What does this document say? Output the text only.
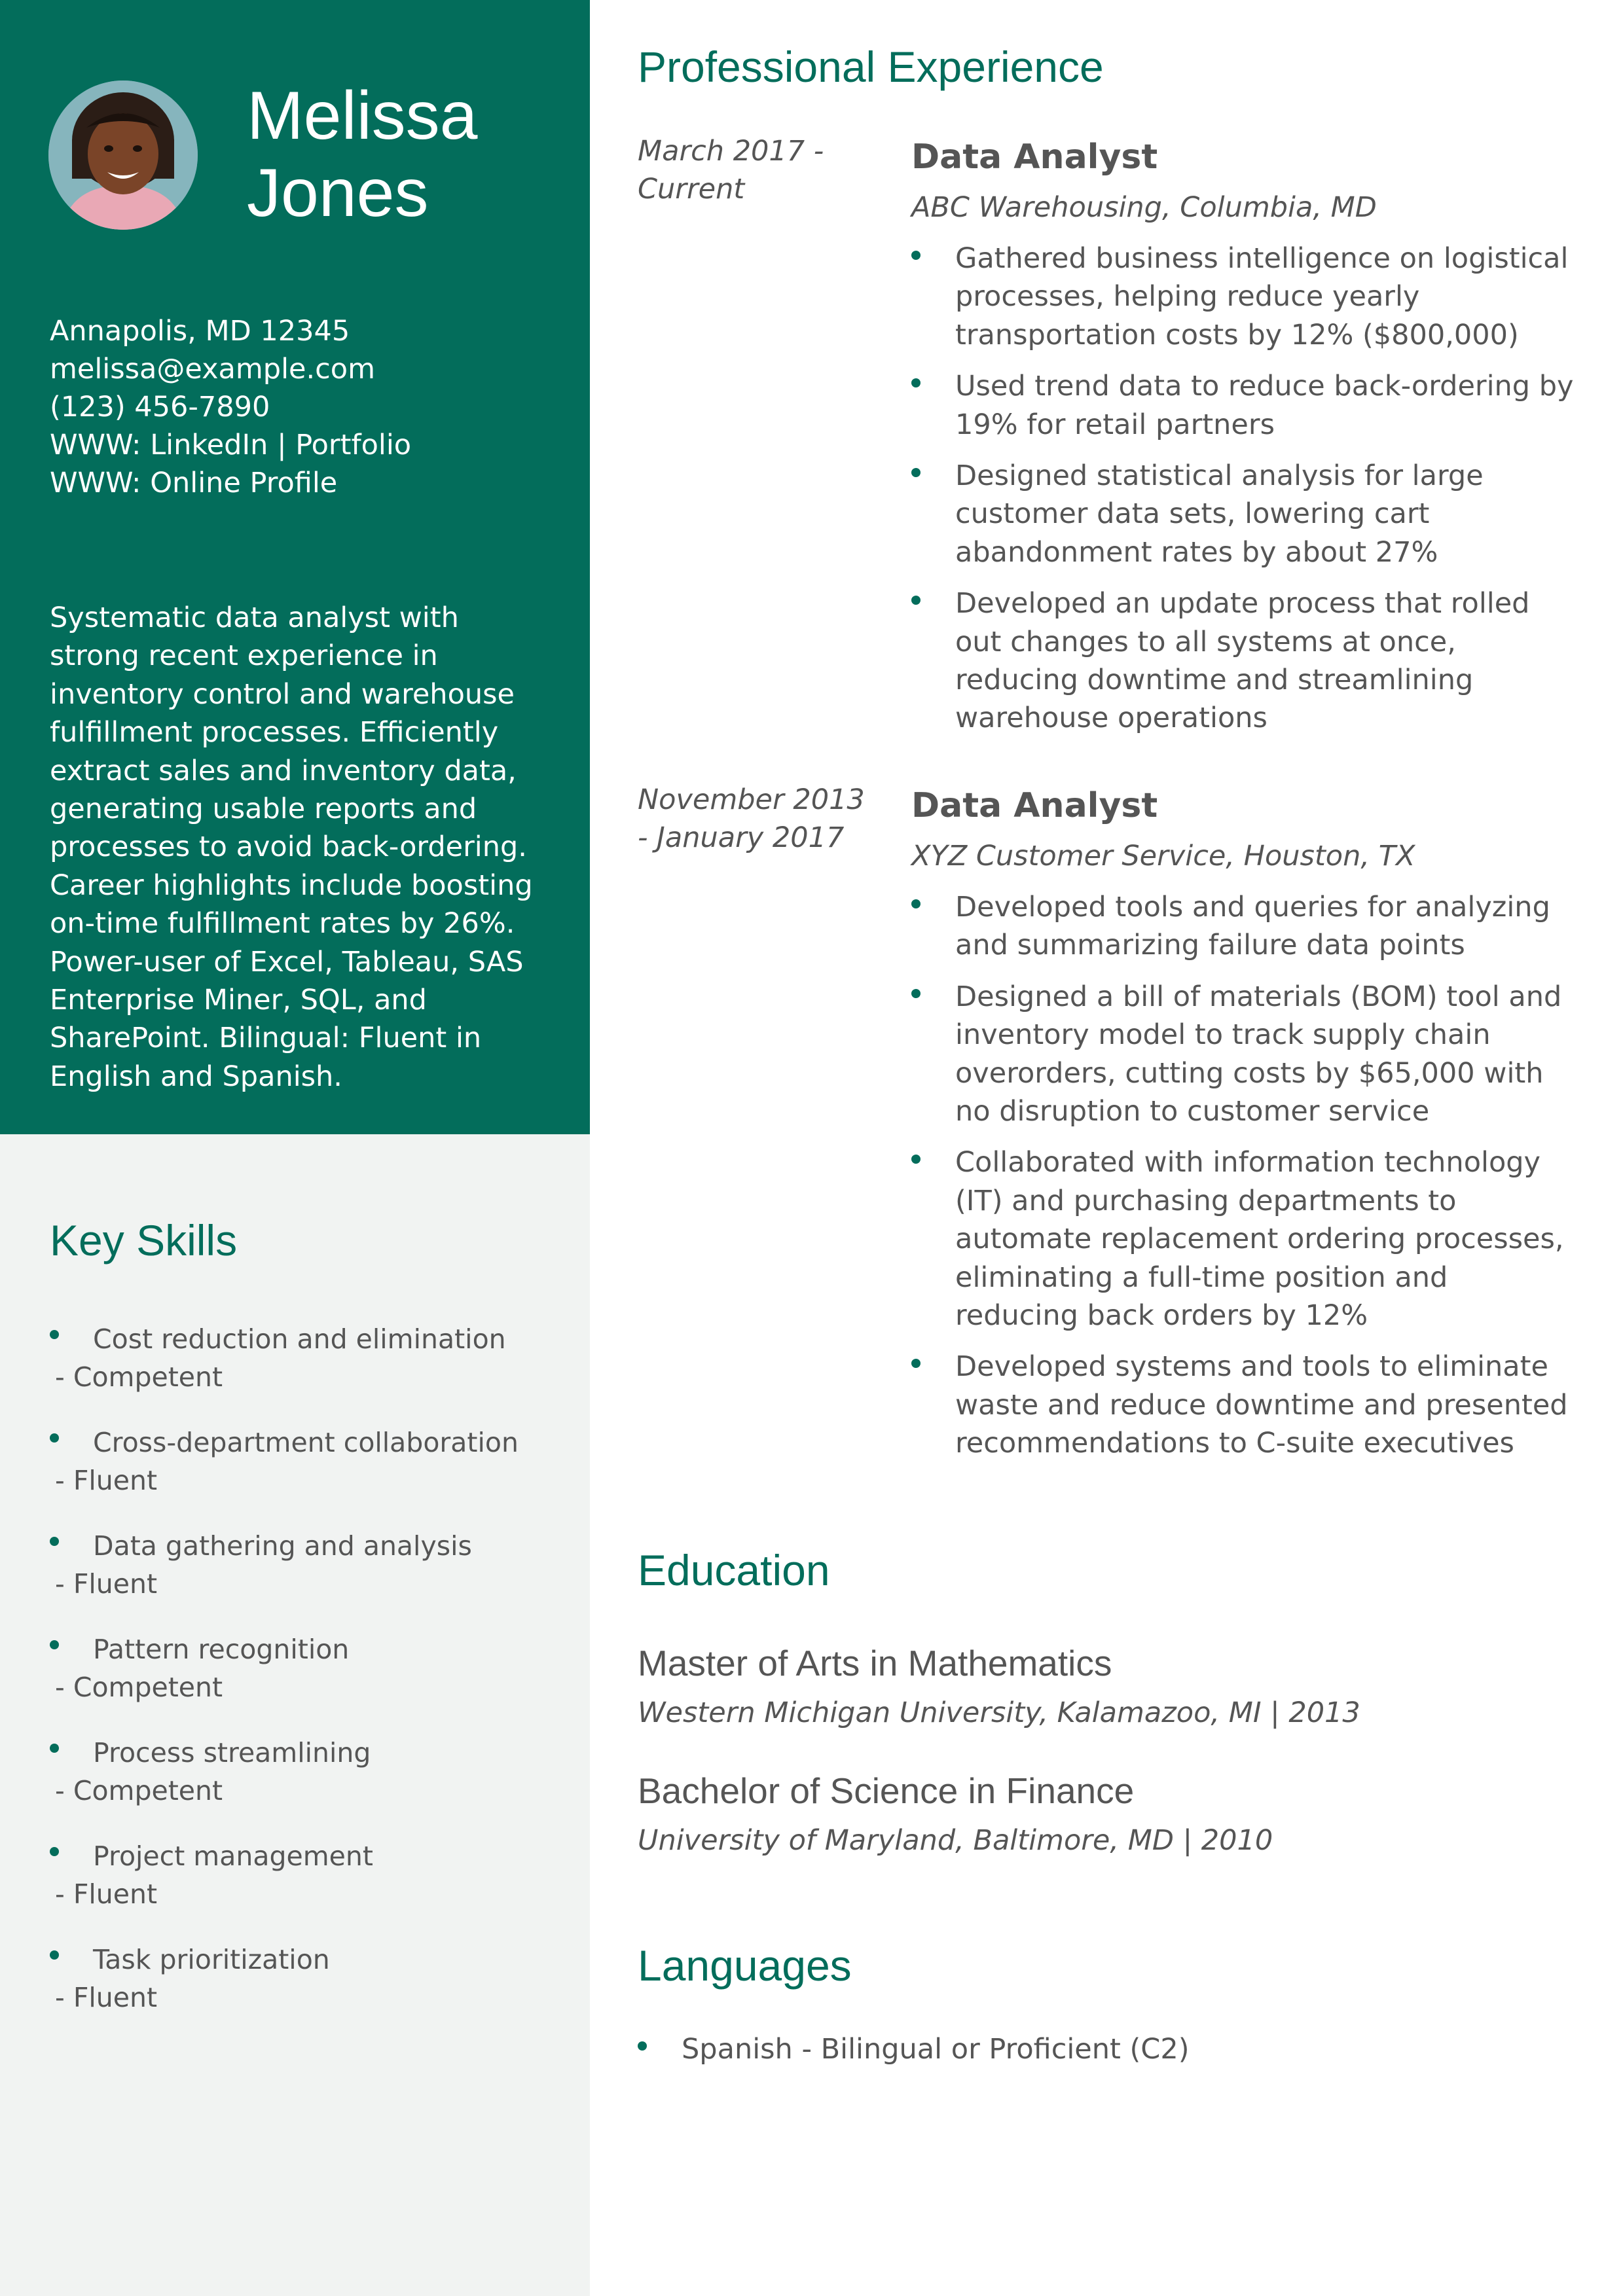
Melissa
Jones
Annapolis, MD 12345
melissa@example.com
(123) 456-7890
WWW: LinkedIn | Portfolio
WWW: Online Profile

Systematic data analyst with strong recent experience in inventory control and warehouse fulfillment processes. Efficiently extract sales and inventory data, generating usable reports and processes to avoid back-ordering. Career highlights include boosting on-time fulfillment rates by 26%. Power-user of Excel, Tableau, SAS Enterprise Miner, SQL, and SharePoint. Bilingual: Fluent in English and Spanish.

Key Skills
Cost reduction and elimination
- Competent
Cross-department collaboration
- Fluent
Data gathering and analysis
- Fluent
Pattern recognition
- Competent
Process streamlining
- Competent
Project management
- Fluent
Task prioritization
- Fluent
Professional Experience
March 2017 -
Current
Data Analyst
ABC Warehousing, Columbia, MD
Gathered business intelligence on logistical processes, helping reduce yearly transportation costs by 12% ($800,000)
Used trend data to reduce back-ordering by 19% for retail partners
Designed statistical analysis for large customer data sets, lowering cart abandonment rates by about 27%
Developed an update process that rolled out changes to all systems at once, reducing downtime and streamlining warehouse operations
November 2013
- January 2017
Data Analyst
XYZ Customer Service, Houston, TX
Developed tools and queries for analyzing and summarizing failure data points
Designed a bill of materials (BOM) tool and inventory model to track supply chain overorders, cutting costs by $65,000 with no disruption to customer service
Collaborated with information technology (IT) and purchasing departments to automate replacement ordering processes, eliminating a full-time position and reducing back orders by 12%
Developed systems and tools to eliminate waste and reduce downtime and presented recommendations to C-suite executives
Education
Master of Arts in Mathematics
Western Michigan University, Kalamazoo, MI | 2013
Bachelor of Science in Finance
University of Maryland, Baltimore, MD | 2010
Languages
Spanish - Bilingual or Proficient (C2)
